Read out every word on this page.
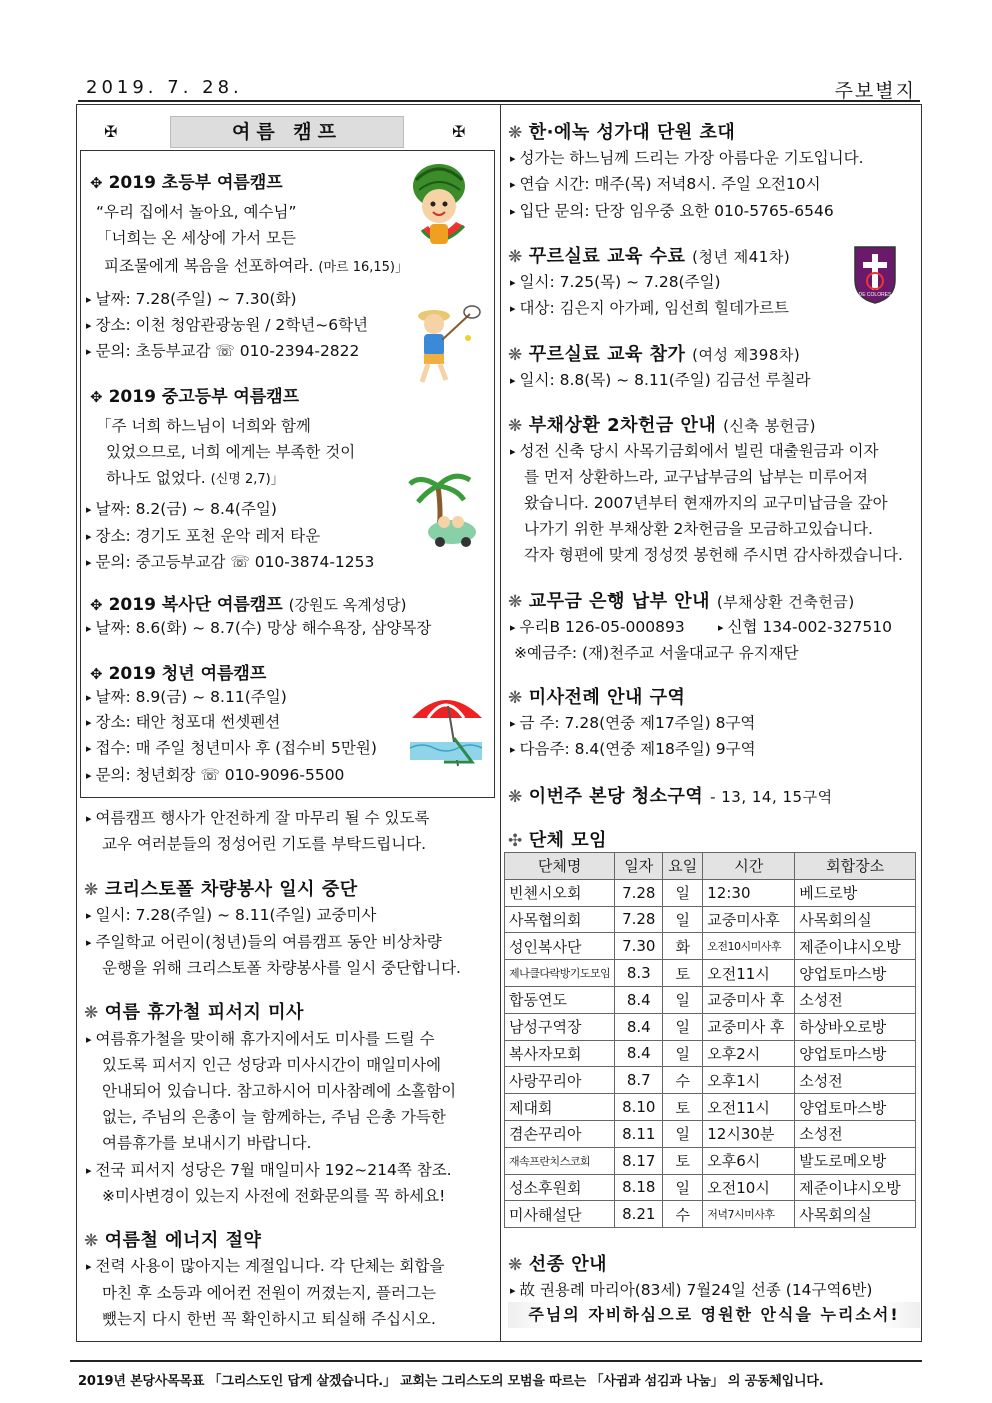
2019. 7. 28.	주보별지
✠	여름 캠프	✠
✥ 2019 초등부 여름캠프
“우리 집에서 놀아요, 예수님”
「너희는 온 세상에 가서 모든
피조물에게 복음을 선포하여라. (마르 16,15)」
▸ 날짜: 7.28(주일) ~ 7.30(화)
▸ 장소: 이천 청암관광농원 / 2학년~6학년
▸ 문의: 초등부교감 ☏ 010-2394-2822
✥ 2019 중고등부 여름캠프
「주 너희 하느님이 너희와 함께
있었으므로, 너희 에게는 부족한 것이
하나도 없었다. (신명 2,7)」
▸ 날짜: 8.2(금) ~ 8.4(주일)
▸ 장소: 경기도 포천 운악 레저 타운
▸ 문의: 중고등부교감 ☏ 010-3874-1253
✥ 2019 복사단 여름캠프 (강원도 옥계성당)
▸ 날짜: 8.6(화) ~ 8.7(수) 망상 해수욕장, 삼양목장
✥ 2019 청년 여름캠프
▸ 날짜: 8.9(금) ~ 8.11(주일)
▸ 장소: 태안 청포대 썬셋펜션
▸ 접수: 매 주일 청년미사 후 (접수비 5만원)
▸ 문의: 청년회장 ☏ 010-9096-5500
▸ 여름캠프 행사가 안전하게 잘 마무리 될 수 있도록
교우 여러분들의 정성어린 기도를 부탁드립니다.
❋ 크리스토폴 차량봉사 일시 중단
▸ 일시: 7.28(주일) ~ 8.11(주일) 교중미사
▸ 주일학교 어린이(청년)들의 여름캠프 동안 비상차량
운행을 위해 크리스토폴 차량봉사를 일시 중단합니다.
❋ 여름 휴가철 피서지 미사
▸ 여름휴가철을 맞이해 휴가지에서도 미사를 드릴 수
있도록 피서지 인근 성당과 미사시간이 매일미사에
안내되어 있습니다. 참고하시어 미사참례에 소홀함이
없는, 주님의 은총이 늘 함께하는, 주님 은총 가득한
여름휴가를 보내시기 바랍니다.
▸ 전국 피서지 성당은 7월 매일미사 192~214쪽 참조.
※미사변경이 있는지 사전에 전화문의를 꼭 하세요!
❋ 여름철 에너지 절약
▸ 전력 사용이 많아지는 계절입니다. 각 단체는 회합을
마친 후 소등과 에어컨 전원이 꺼졌는지, 플러그는
뺐는지 다시 한번 꼭 확인하시고 퇴실해 주십시오.
❋ 한·에녹 성가대 단원 초대
▸ 성가는 하느님께 드리는 가장 아름다운 기도입니다.
▸ 연습 시간: 매주(목) 저녁8시. 주일 오전10시
▸ 입단 문의: 단장 임우중 요한 010-5765-6546
❋ 꾸르실료 교육 수료 (청년 제41차)
▸ 일시: 7.25(목) ~ 7.28(주일)
▸ 대상: 김은지 아가페, 임선희 힐데가르트
DE COLORES
❋ 꾸르실료 교육 참가 (여성 제398차)
▸ 일시: 8.8(목) ~ 8.11(주일) 김금선 루칠라
❋ 부채상환 2차헌금 안내 (신축 봉헌금)
▸ 성전 신축 당시 사목기금회에서 빌린 대출원금과 이자
를 먼저 상환하느라, 교구납부금의 납부는 미루어져
왔습니다. 2007년부터 현재까지의 교구미납금을 갚아
나가기 위한 부채상환 2차헌금을 모금하고있습니다.
각자 형편에 맞게 정성껏 봉헌해 주시면 감사하겠습니다.
❋ 교무금 은행 납부 안내 (부채상환 건축헌금)
▸ 우리B 126-05-000893	▸ 신협 134-002-327510
※예금주: (재)천주교 서울대교구 유지재단
❋ 미사전례 안내 구역
▸ 금 주: 7.28(연중 제17주일) 8구역
▸ 다음주: 8.4(연중 제18주일) 9구역
❋ 이번주 본당 청소구역 - 13, 14, 15구역
✣ 단체 모임
단체명	일자	요일	시간	회합장소
빈첸시오회	7.28	일	12:30	베드로방
사목협의회	7.28	일	교중미사후	사목회의실
성인복사단	7.30	화	오전10시미사후	제준이냐시오방
제나클다락방기도모임	8.3	토	오전11시	양업토마스방
합동연도	8.4	일	교중미사 후	소성전
남성구역장	8.4	일	교중미사 후	하상바오로방
복사자모회	8.4	일	오후2시	양업토마스방
사랑꾸리아	8.7	수	오후1시	소성전
제대회	8.10	토	오전11시	양업토마스방
겸손꾸리아	8.11	일	12시30분	소성전
재속프란치스코회	8.17	토	오후6시	발도로메오방
성소후원회	8.18	일	오전10시	제준이냐시오방
미사해설단	8.21	수	저녁7시미사후	사목회의실
❋ 선종 안내
▸ 故 권용례 마리아(83세) 7월24일 선종 (14구역6반)
주님의 자비하심으로 영원한 안식을 누리소서!
2019년 본당사목목표 「그리스도인 답게 살겠습니다.」 교회는 그리스도의 모범을 따르는 「사귐과 섬김과 나눔」 의 공동체입니다.
